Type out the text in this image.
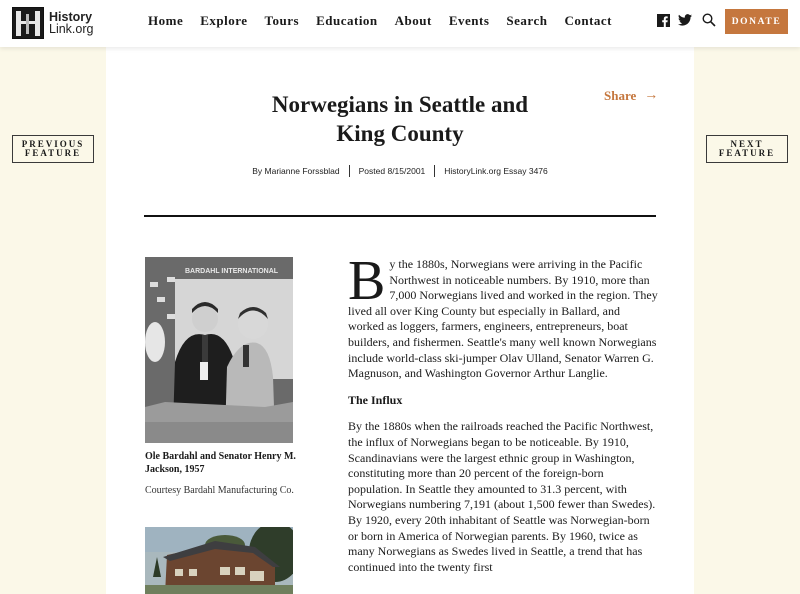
History
Link.org
Home Explore Tours Education About Events Search Contact	DONATE
PREVIOUS
FEATURE
NEXT
FEATURE
Norwegians in Seattle and
King County
Share →
By Marianne Forssblad Posted 8/15/2001 HistoryLink.org Essay 3476
BARDAHL INTERNATIONAL
Ole Bardahl and Senator Henry M. Jackson, 1957
Courtesy Bardahl Manufacturing Co.

By the 1880s, Norwegians were arriving in the Pacific Northwest in noticeable numbers. By 1910, more than 7,000 Norwegians lived and worked in the region. They lived all over King County but especially in Ballard, and worked as loggers, farmers, engineers, entrepreneurs, boat builders, and fishermen. Seattle's many well known Norwegians include world-class ski-jumper Olav Ulland, Senator Warren G. Magnuson, and Washington Governor Arthur Langlie.

The Influx

By the 1880s when the railroads reached the Pacific Northwest, the influx of Norwegians began to be noticeable. By 1910, Scandinavians were the largest ethnic group in Washington, constituting more than 20 percent of the foreign-born population. In Seattle they amounted to 31.3 percent, with Norwegians numbering 7,191 (about 1,500 fewer than Swedes). By 1920, every 20th inhabitant of Seattle was Norwegian-born or born in America of Norwegian parents. By 1960, twice as many Norwegians as Swedes lived in Seattle, a trend that has continued into the twenty first
